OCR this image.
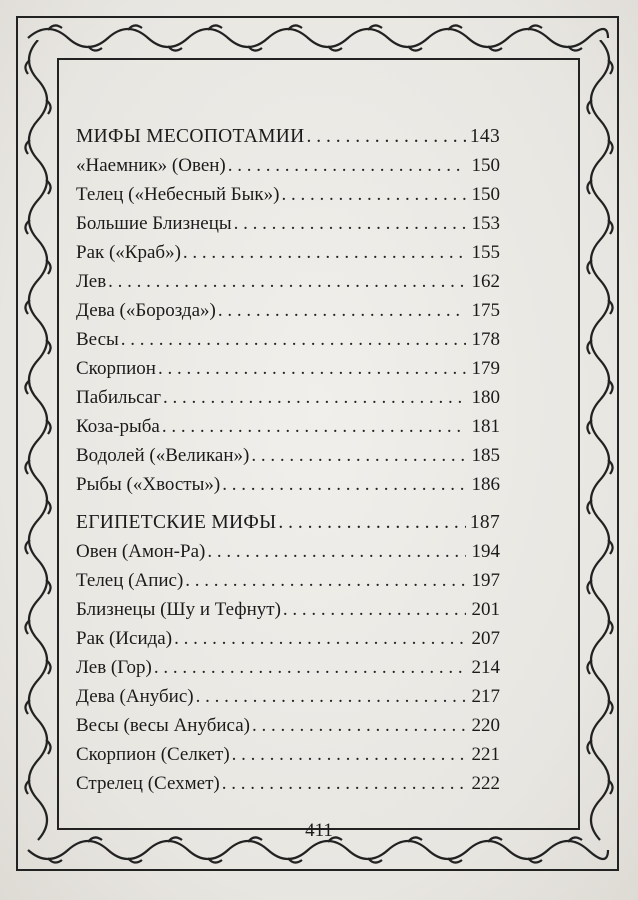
МИФЫ МЕСОПОТАМИИ . . .	143
«Наемник» (Овен) . . .	150
Телец («Небесный Бык») . . .	150
Большие Близнецы . . .	153
Рак («Краб») . . .	155
Лев . . .	162
Дева («Борозда») . . .	175
Весы . . .	178
Скорпион . . .	179
Пабильсаг . . .	180
Коза-рыба . . .	181
Водолей («Великан») . . .	185
Рыбы («Хвосты») . . .	186
ЕГИПЕТСКИЕ МИФЫ . . .	187
Овен (Амон-Ра) . . .	194
Телец (Апис) . . .	197
Близнецы (Шу и Тефнут) . . .	201
Рак (Исида) . . .	207
Лев (Гор) . . .	214
Дева (Анубис) . . .	217
Весы (весы Анубиса) . . .	220
Скорпион (Селкет) . . .	221
Стрелец (Сехмет) . . .	222
411
